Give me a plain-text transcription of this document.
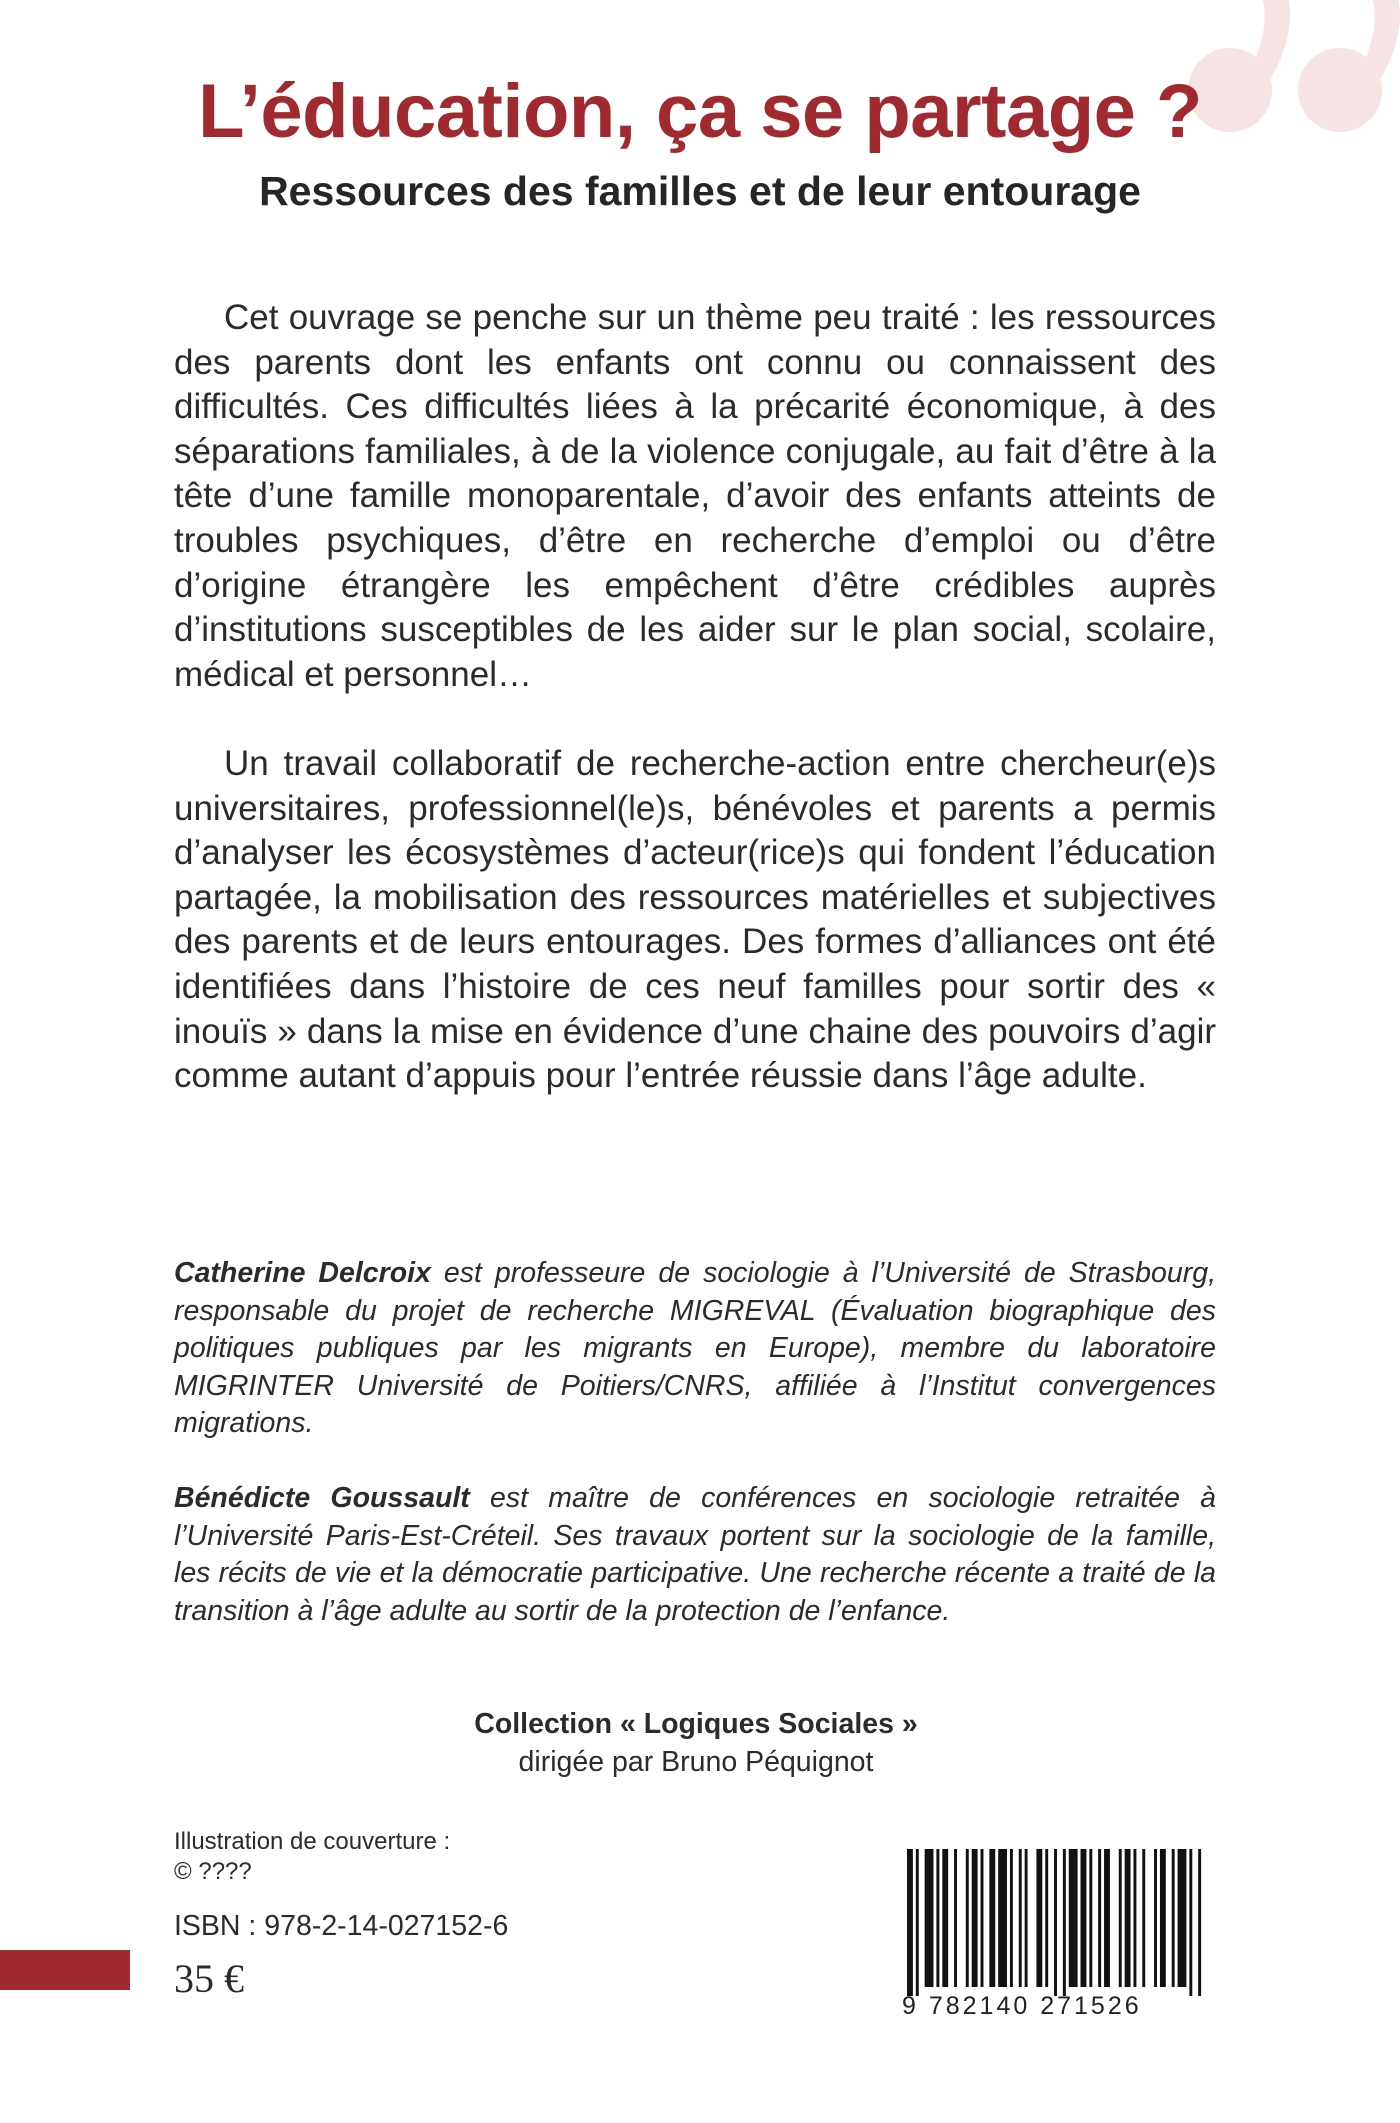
L’éducation, ça se partage ?
Ressources des familles et de leur entourage

Cet ouvrage se penche sur un thème peu traité : les ressources des parents dont les enfants ont connu ou connaissent des difficultés. Ces difficultés liées à la précarité économique, à des séparations familiales, à de la violence conjugale, au fait d’être à la tête d’une famille monoparentale, d’avoir des enfants atteints de troubles psychiques, d’être en recherche d’emploi ou d’être d’origine étrangère les empêchent d’être crédibles auprès d’institutions susceptibles de les aider sur le plan social, scolaire, médical et personnel…

Un travail collaboratif de recherche-action entre chercheur(e)s universitaires, professionnel(le)s, bénévoles et parents a permis d’analyser les écosystèmes d’acteur(rice)s qui fondent l’éducation partagée, la mobilisation des ressources matérielles et subjectives des parents et de leurs entourages. Des formes d’alliances ont été identifiées dans l’histoire de ces neuf familles pour sortir des « inouïs » dans la mise en évidence d’une chaine des pouvoirs d’agir comme autant d’appuis pour l’entrée réussie dans l’âge adulte.

Catherine Delcroix est professeure de sociologie à l’Université de Strasbourg, responsable du projet de recherche MIGREVAL (Évaluation biographique des politiques publiques par les migrants en Europe), membre du laboratoire MIGRINTER Université de Poitiers/CNRS, affiliée à l’Institut convergences migrations.

Bénédicte Goussault est maître de conférences en sociologie retraitée à l’Université Paris-Est-Créteil. Ses travaux portent sur la sociologie de la famille, les récits de vie et la démocratie participative. Une recherche récente a traité de la transition à l’âge adulte au sortir de la protection de l’enfance.

Collection « Logiques Sociales »
dirigée par Bruno Péquignot
Illustration de couverture :
© ????
ISBN : 978-2-14-027152-6
35 €
9 782140 271526
